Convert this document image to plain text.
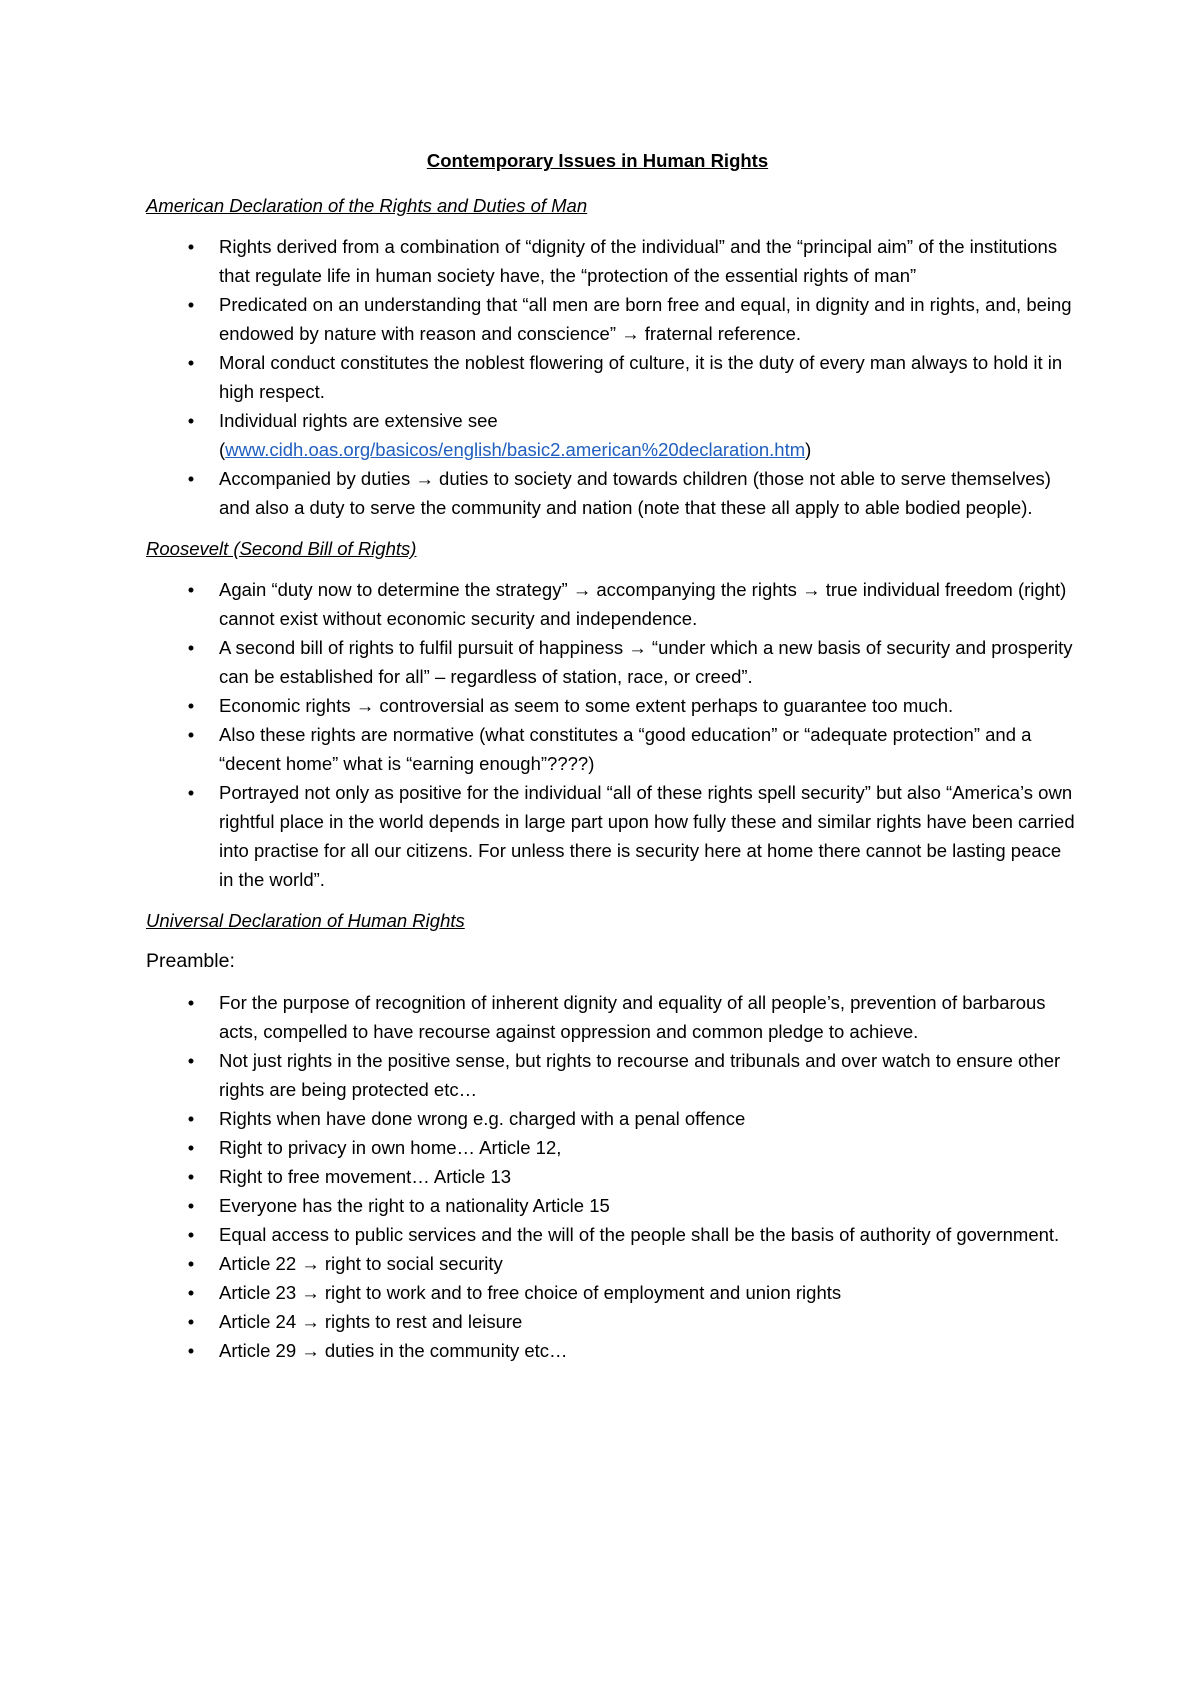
Contemporary Issues in Human Rights
American Declaration of the Rights and Duties of Man
• Rights derived from a combination of “dignity of the individual” and the “principal aim” of the institutions that regulate life in human society have, the “protection of the essential rights of man”
• Predicated on an understanding that “all men are born free and equal, in dignity and in rights, and, being endowed by nature with reason and conscience” → fraternal reference.
• Moral conduct constitutes the noblest flowering of culture, it is the duty of every man always to hold it in high respect.
• Individual rights are extensive see (www.cidh.oas.org/basicos/english/basic2.american%20declaration.htm)
• Accompanied by duties → duties to society and towards children (those not able to serve themselves) and also a duty to serve the community and nation (note that these all apply to able bodied people).
Roosevelt (Second Bill of Rights)
• Again “duty now to determine the strategy” → accompanying the rights → true individual freedom (right) cannot exist without economic security and independence.
• A second bill of rights to fulfil pursuit of happiness → “under which a new basis of security and prosperity can be established for all” – regardless of station, race, or creed”.
• Economic rights → controversial as seem to some extent perhaps to guarantee too much.
• Also these rights are normative (what constitutes a “good education” or “adequate protection” and a “decent home” what is “earning enough”????)
• Portrayed not only as positive for the individual “all of these rights spell security” but also “America’s own rightful place in the world depends in large part upon how fully these and similar rights have been carried into practise for all our citizens. For unless there is security here at home there cannot be lasting peace in the world”.
Universal Declaration of Human Rights
Preamble:
• For the purpose of recognition of inherent dignity and equality of all people’s, prevention of barbarous acts, compelled to have recourse against oppression and common pledge to achieve.
• Not just rights in the positive sense, but rights to recourse and tribunals and over watch to ensure other rights are being protected etc…
• Rights when have done wrong e.g. charged with a penal offence
• Right to privacy in own home… Article 12,
• Right to free movement… Article 13
• Everyone has the right to a nationality Article 15
• Equal access to public services and the will of the people shall be the basis of authority of government.
• Article 22 → right to social security
• Article 23 → right to work and to free choice of employment and union rights
• Article 24 → rights to rest and leisure
• Article 29 → duties in the community etc…
